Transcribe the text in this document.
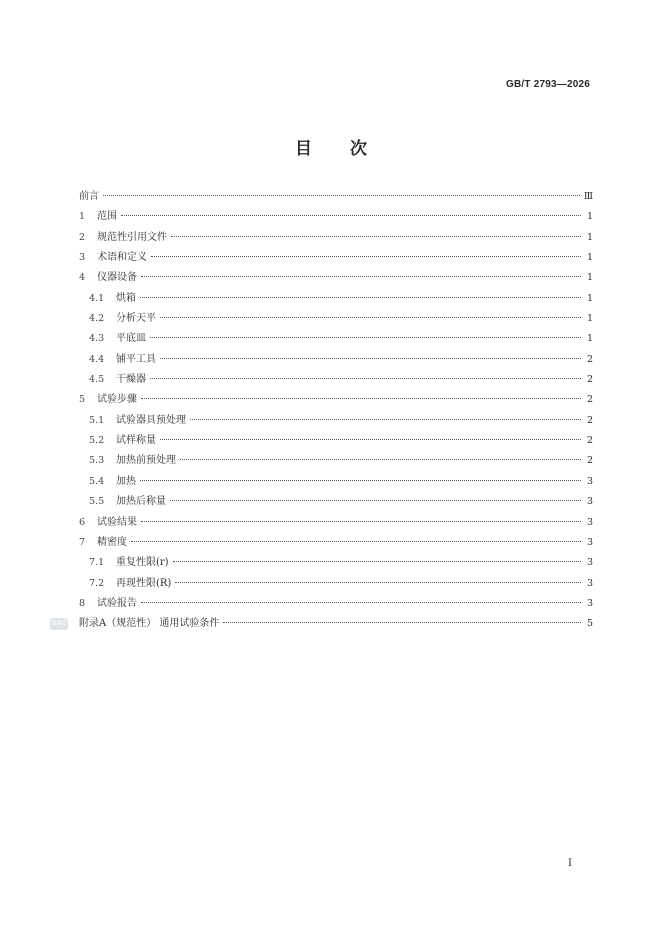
GB/T 2793—2026
目次
前言	Ⅲ
1	范围	1
2	规范性引用文件	1
3	术语和定义	1
4	仪器设备	1
4.1	烘箱	1
4.2	分析天平	1
4.3	平底皿	1
4.4	铺平工具	2
4.5	干燥器	2
5	试验步骤	2
5.1	试验器具预处理	2
5.2	试样称量	2
5.3	加热前预处理	2
5.4	加热	3
5.5	加热后称量	3
6	试验结果	3
7	精密度	3
7.1	重复性限(r)	3
7.2	再现性限(R)	3
8	试验报告	3
附录A（规范性） 通用试验条件	5
SAC
I
